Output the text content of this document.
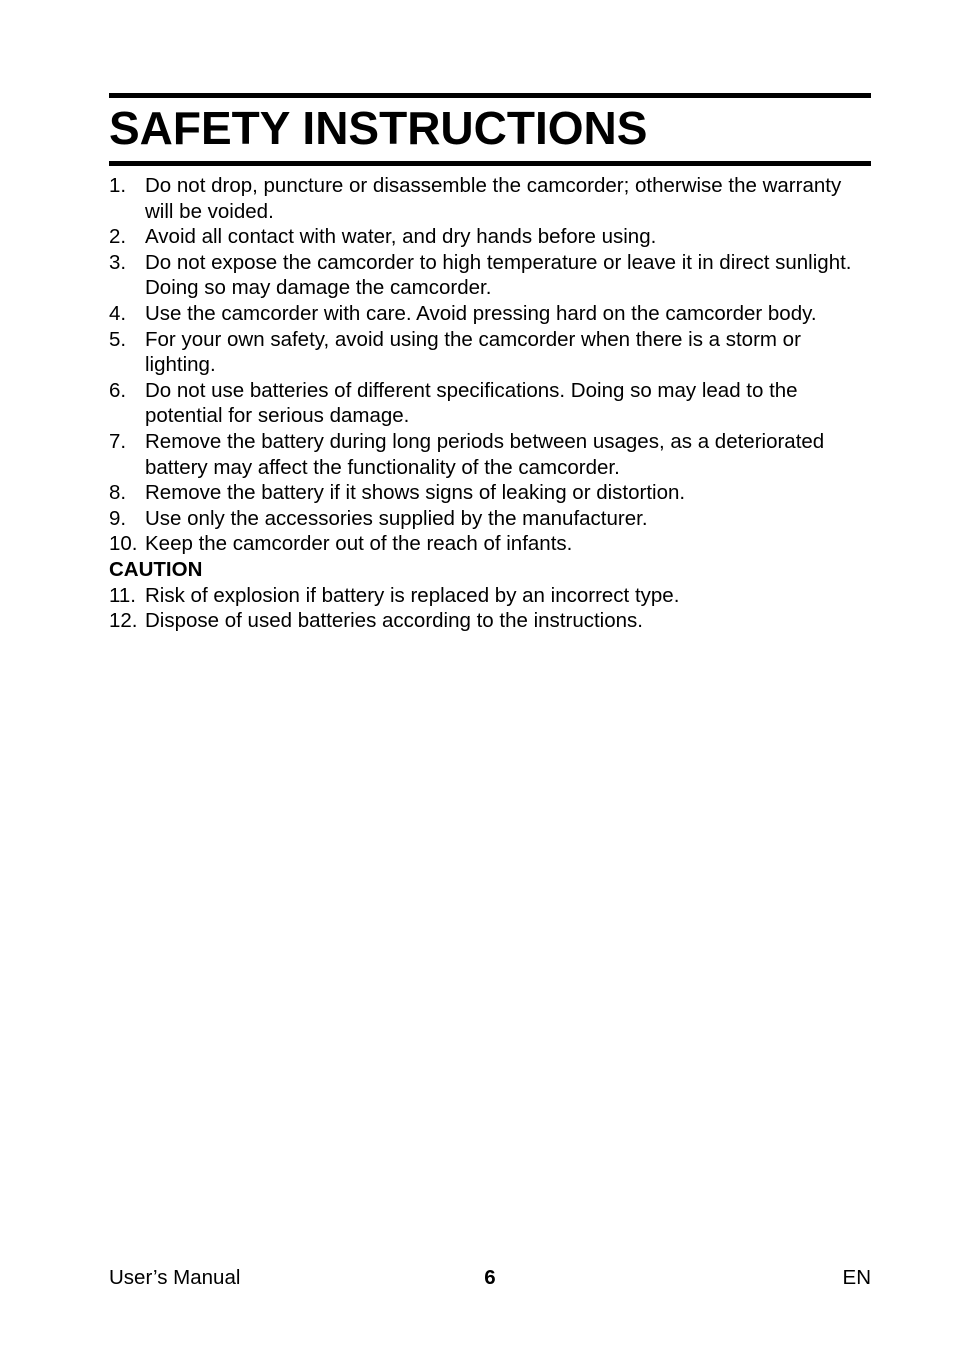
SAFETY INSTRUCTIONS
1. Do not drop, puncture or disassemble the camcorder; otherwise the warranty will be voided.
2. Avoid all contact with water, and dry hands before using.
3. Do not expose the camcorder to high temperature or leave it in direct sunlight. Doing so may damage the camcorder.
4. Use the camcorder with care. Avoid pressing hard on the camcorder body.
5. For your own safety, avoid using the camcorder when there is a storm or lighting.
6. Do not use batteries of different specifications. Doing so may lead to the potential for serious damage.
7. Remove the battery during long periods between usages, as a deteriorated battery may affect the functionality of the camcorder.
8. Remove the battery if it shows signs of leaking or distortion.
9. Use only the accessories supplied by the manufacturer.
10. Keep the camcorder out of the reach of infants.
CAUTION
11. Risk of explosion if battery is replaced by an incorrect type.
12. Dispose of used batteries according to the instructions.
User’s Manual	6	EN
